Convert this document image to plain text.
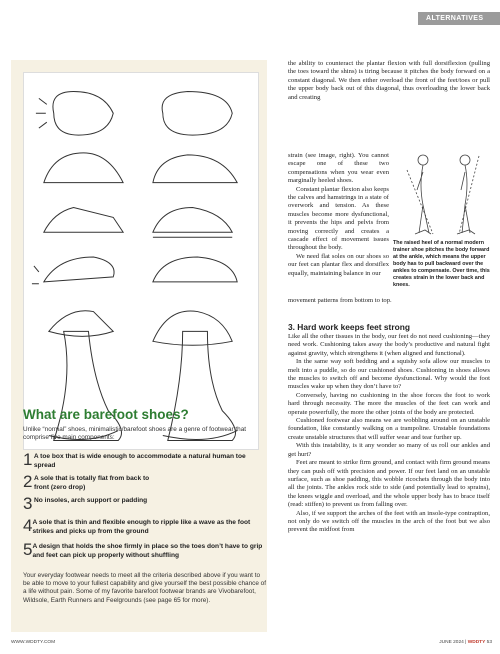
ALTERNATIVES
What are barefoot shoes?
Unlike “normal” shoes, minimalistic/barefoot shoes are a genre of footwear that comprise five main components:
1 A toe box that is wide enough to accommodate a natural human toe spread
2 A sole that is totally flat from back to front (zero drop)
3 No insoles, arch support or padding
4 A sole that is thin and flexible enough to ripple like a wave as the foot strikes and picks up from the ground
5 A design that holds the shoe firmly in place so the toes don’t have to grip and feet can pick up properly without shuffling
Your everyday footwear needs to meet all the criteria described above if you want to be able to move to your fullest capability and give yourself the best possible chance of a life without pain. Some of my favorite barefoot footwear brands are Vivobarefoot, Wildsole, Earth Runners and Feelgrounds (see page 65 for more).

the ability to counteract the plantar flexion with full dorsiflexion (pulling the toes toward the shins) is tiring because it pitches the body forward on a constant diagonal. We then either overload the front of the feet/toes or pull the upper body back out of this diagonal, thus overloading the lower back and creating

strain (see image, right). You cannot escape one of these two compensations when you wear even marginally heeled shoes.

Constant plantar flexion also keeps the calves and hamstrings in a state of overwork and tension. As these muscles become more dysfunctional, it prevents the hips and pelvis from moving correctly and creates a cascade effect of movement issues throughout the body.

We need flat soles on our shoes so our feet can plantar flex and dorsiflex equally, maintaining balance in our

The raised heel of a normal modern trainer shoe pitches the body forward at the ankle, which means the upper body has to pull backward over the ankles to compensate. Over time, this creates strain in the lower back and knees.

movement patterns from bottom to top.

3. Hard work keeps feet strong

Like all the other tissues in the body, our feet do not need cushioning—they need work. Cushioning takes away the body’s productive and natural fight against gravity, which strengthens it (when aligned and functional).

In the same way soft bedding and a squishy sofa allow our muscles to melt into a puddle, so do our cushioned shoes. Cushioning in shoes allows the muscles to switch off and become dysfunctional. Why would the foot muscles wake up when they don’t have to?

Conversely, having no cushioning in the shoe forces the foot to work hard through necessity. The more the muscles of the feet can work and operate powerfully, the more the other joints of the body are protected.

Cushioned footwear also means we are wobbling around on an unstable foundation, like constantly walking on a trampoline. Unstable foundations create unstable structures that will suffer wear and tear further up.

With this instability, is it any wonder so many of us roll our ankles and get hurt?

Feet are meant to strike firm ground, and contact with firm ground means they can push off with precision and power. If our feet land on an unstable surface, such as shoe padding, this wobble ricochets through the body into all the joints. The ankles rock side to side (and potentially lead to sprains), the knees wiggle and overload, and the whole upper body has to brace itself (read: stiffen) to prevent us from falling over.

Also, if we support the arches of the feet with an insole-type contraption, not only do we switch off the muscles in the arch of the foot but we also prevent the midfoot from

WWW.WDDTY.COM	JUNE 2024 | WDDTY 53
